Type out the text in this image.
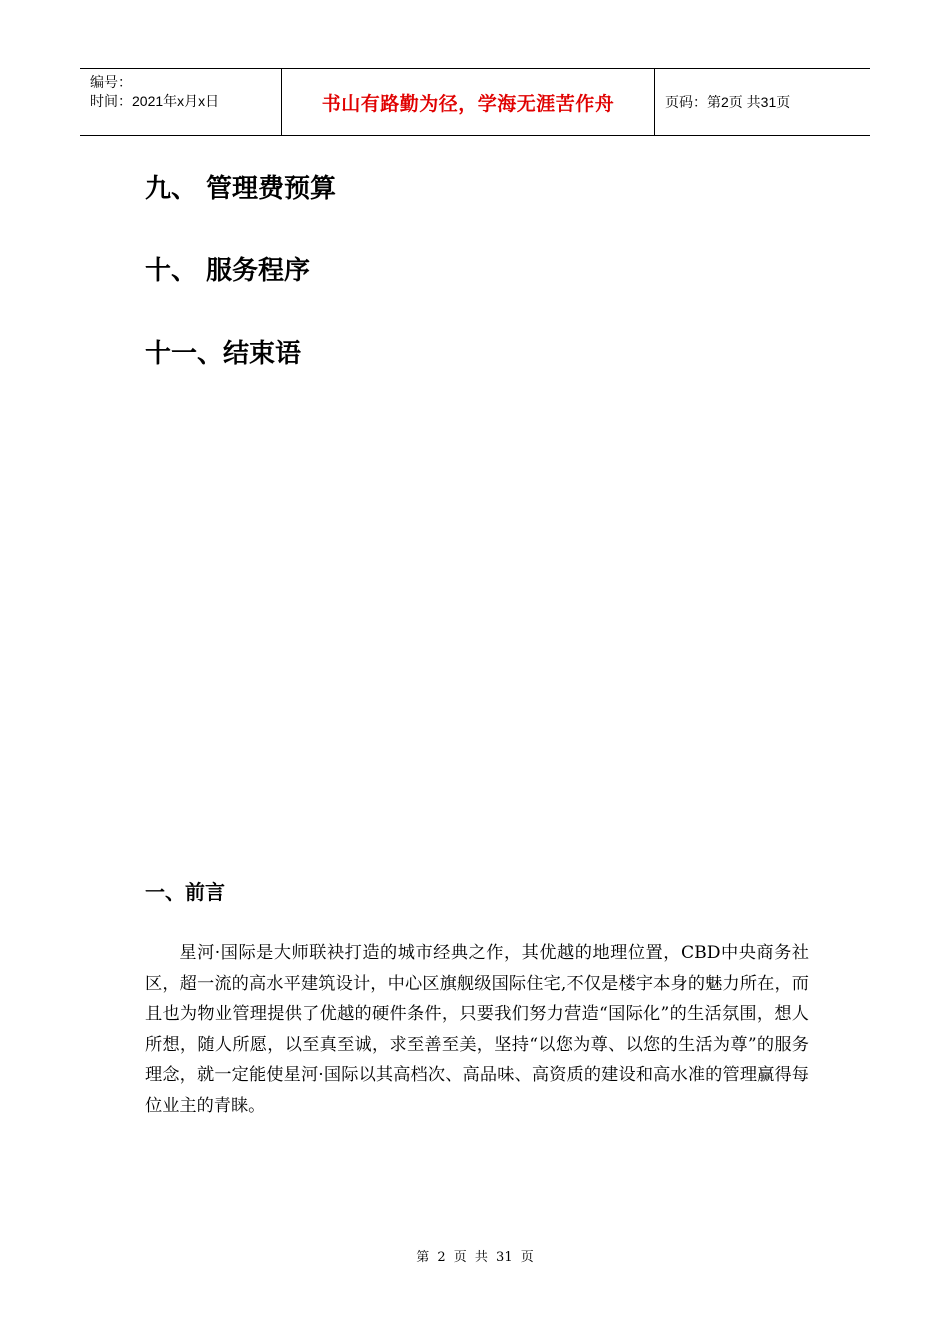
编号：
时间：2021年x月x日	书山有路勤为径，学海无涯苦作舟	页码：第2页 共31页
九、 管理费预算
十、 服务程序
十一、结束语
一、前言

星河·国际是大师联袂打造的城市经典之作，其优越的地理位置，CBD中央商务社区，超一流的高水平建筑设计，中心区旗舰级国际住宅,不仅是楼宇本身的魅力所在，而且也为物业管理提供了优越的硬件条件，只要我们努力营造“国际化”的生活氛围，想人所想，随人所愿，以至真至诚，求至善至美，坚持“以您为尊、以您的生活为尊”的服务理念，就一定能使星河·国际以其高档次、高品味、高资质的建设和高水准的管理赢得每位业主的青睐。

第 2 页 共 31 页
